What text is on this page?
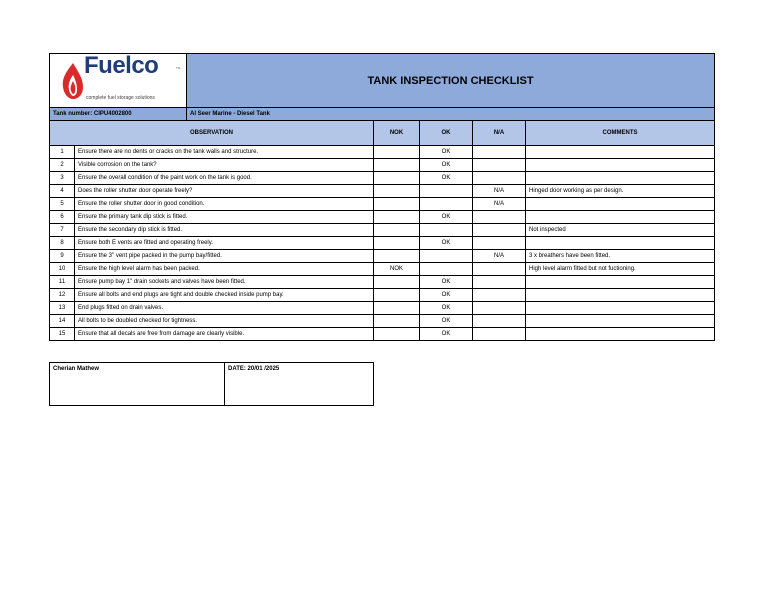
Fuelco TM
complete fuel storage solutions		TANK INSPECTION CHECKLIST				
Tank number: CIPU4002800		Al Seer Marine - Diesel Tank				
OBSERVATION			NOK	OK	N/A	COMMENTS
1	Ensure there are no dents or cracks on the tank walls and structure.			OK		
2	Visible corrosion on the tank?			OK		
3	Ensure the overall condition of the paint work on the tank is good.			OK		
4	Does the roller shutter door operate freely?				N/A	Hinged door working as per design.
5	Ensure the roller shutter door in good condition.				N/A	
6	Ensure the primary tank dip stick is fitted.			OK		
7	Ensure the secondary dip stick is fitted.					Not inspected
8	Ensure both E vents are fitted and operating freely.			OK		
9	Ensure the 3" vent pipe packed in the pump bay/fitted.				N/A	3 x breathers have been fitted.
10	Ensure the high level alarm has been packed.		NOK			High level alarm fitted but not fuctioning.
11	Ensure pump bay 1" drain sockets and valves have been fitted.			OK		
12	Ensure all bolts and end plugs are tight and double checked inside pump bay.			OK		
13	End plugs fitted on drain valves.			OK		
14	All bolts to be doubled checked for tightness.			OK		
15	Ensure that all decals are free from damage are clearly visible.			OK		
Cherian Mathew	DATE: 20/01 /2025
